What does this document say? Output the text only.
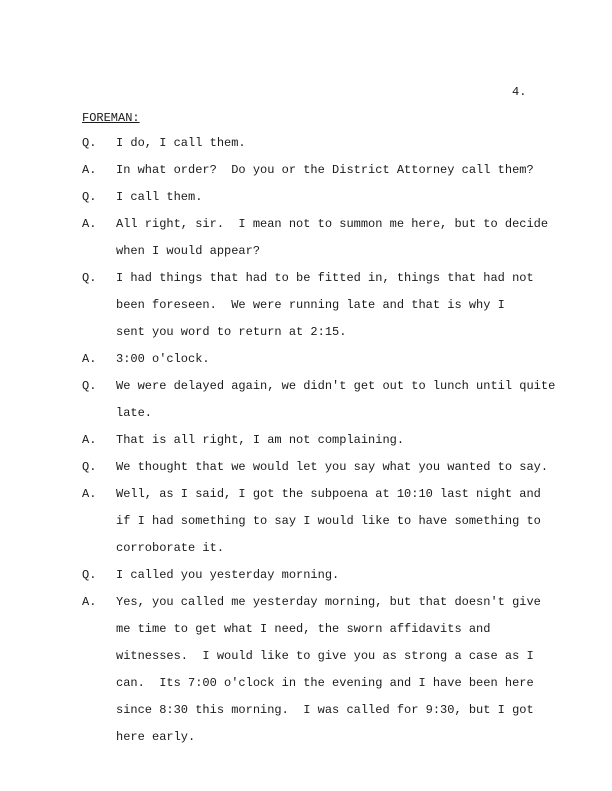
4.
FOREMAN:
Q. I do, I call them.
A. In what order?  Do you or the District Attorney call them?
Q. I call them.
A. All right, sir.  I mean not to summon me here, but to decide
when I would appear?
Q. I had things that had to be fitted in, things that had not
been foreseen.  We were running late and that is why I
sent you word to return at 2:15.
A. 3:00 o'clock.
Q. We were delayed again, we didn't get out to lunch until quite
late.
A. That is all right, I am not complaining.
Q. We thought that we would let you say what you wanted to say.
A. Well, as I said, I got the subpoena at 10:10 last night and
if I had something to say I would like to have something to
corroborate it.
Q. I called you yesterday morning.
A. Yes, you called me yesterday morning, but that doesn't give
me time to get what I need, the sworn affidavits and
witnesses.  I would like to give you as strong a case as I
can.  Its 7:00 o'clock in the evening and I have been here
since 8:30 this morning.  I was called for 9:30, but I got
here early.
